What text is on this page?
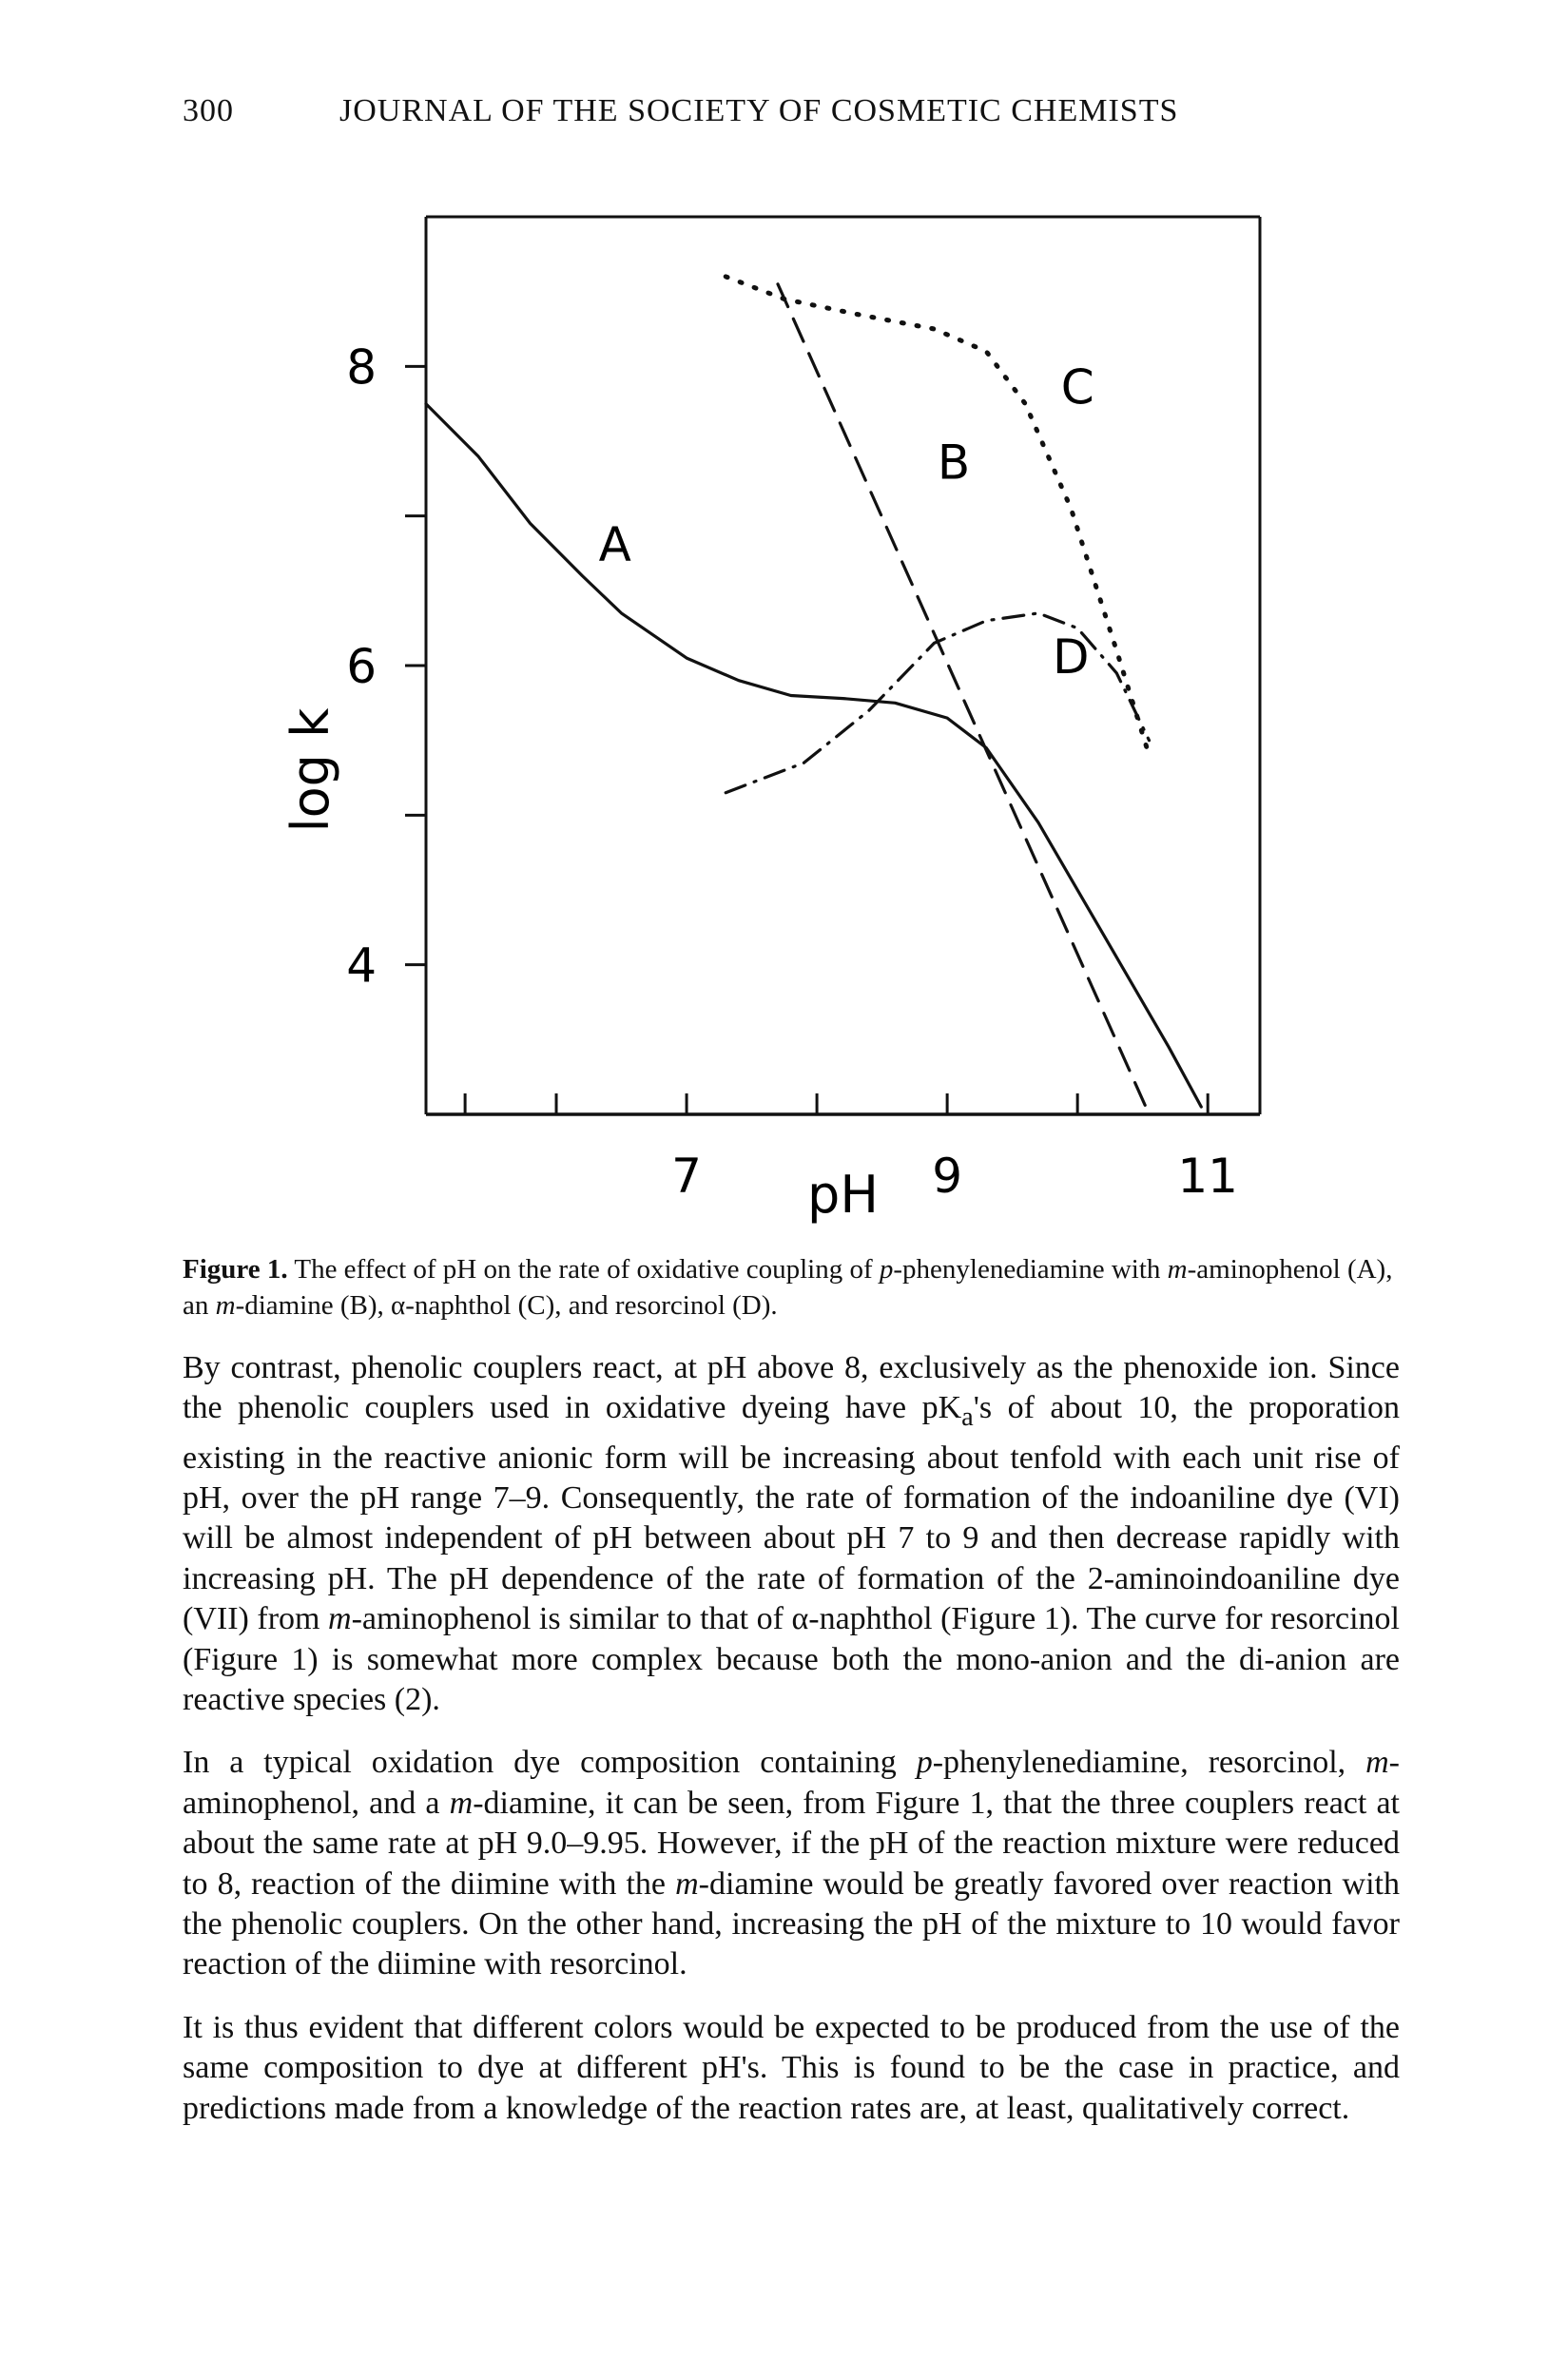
300	JOURNAL OF THE SOCIETY OF COSMETIC CHEMISTS
4
6
8
7	9	11
pH
log k
A
B
C
D
Figure 1. The effect of pH on the rate of oxidative coupling of p-phenylenediamine with m-aminophenol (A), an m-diamine (B), α-naphthol (C), and resorcinol (D).

By contrast, phenolic couplers react, at pH above 8, exclusively as the phenoxide ion. Since the phenolic couplers used in oxidative dyeing have $pK_a's$ of about 10, the proporation existing in the reactive anionic form will be increasing about tenfold with each unit rise of pH, over the pH range 7–9. Consequently, the rate of formation of the indoaniline dye (VI) will be almost independent of pH between about pH 7 to 9 and then decrease rapidly with increasing pH. The pH dependence of the rate of formation of the 2-aminoindoaniline dye (VII) from m-aminophenol is similar to that of α-naphthol (Figure 1). The curve for resorcinol (Figure 1) is somewhat more complex because both the mono-anion and the di-anion are reactive species (2).

In a typical oxidation dye composition containing p-phenylenediamine, resorcinol, m-aminophenol, and a m-diamine, it can be seen, from Figure 1, that the three couplers react at about the same rate at pH 9.0–9.95. However, if the pH of the reaction mixture were reduced to 8, reaction of the diimine with the m-diamine would be greatly favored over reaction with the phenolic couplers. On the other hand, increasing the pH of the mixture to 10 would favor reaction of the diimine with resorcinol.

It is thus evident that different colors would be expected to be produced from the use of the same composition to dye at different pH's. This is found to be the case in practice, and predictions made from a knowledge of the reaction rates are, at least, qualitatively correct.
